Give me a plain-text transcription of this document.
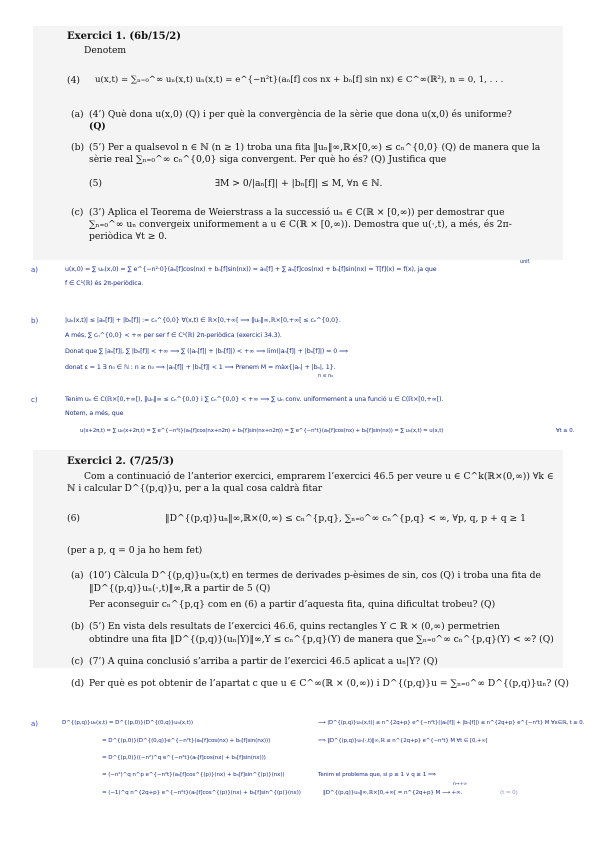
Exercici 1. (6b/15/2)
Denotem
(4) u(x,t) = ∑ₙ₌₀^∞ uₙ(x,t) uₙ(x,t) = e^{−n²t}(aₙ[f] cos nx + bₙ[f] sin nx) ∈ C^∞(ℝ²), n = 0, 1, . . .
(a) (4’) Què dona u(x,0) (Q) i per què la convergència de la sèrie que dona u(x,0) és uniforme?
(Q)
(b) (5’) Per a qualsevol n ∈ ℕ (n ≥ 1) troba una fita ‖uₙ‖∞,ℝ×[0,∞) ≤ cₙ^{0,0} (Q) de manera que la
sèrie real ∑ₙ₌₀^∞ cₙ^{0,0} siga convergent. Per què ho és? (Q) Justifica que
(5)	∃M > 0/|aₙ[f]| + |bₙ[f]| ≤ M, ∀n ∈ ℕ.
(c) (3’) Aplica el Teorema de Weierstrass a la successió uₙ ∈ C(ℝ × [0,∞)) per demostrar que
∑ₙ₌₀^∞ uₙ convergeix uniformement a u ∈ C(ℝ × [0,∞)). Demostra que u(·,t), a més, és 2π-
periòdica ∀t ≥ 0.
a)	u(x,0) = ∑ uₙ(x,0) = ∑ e^{−n²·0}(aₙ[f]cos(nx) + bₙ[f]sin(nx)) = a₀[f] + ∑ aₙ[f]cos(nx) + bₙ[f]sin(nx) = T[f](x) = f(x), ja que
unif.
f ∈ C¹(ℝ) és 2π-periòdica.
b)	|uₙ(x,t)| ≤ |aₙ[f]| + |bₙ[f]| := cₙ^{0,0} ∀(x,t) ∈ ℝ×[0,+∞[ ⟹ ‖uₙ‖∞,ℝ×[0,+∞[ ≤ cₙ^{0,0}.
A més, ∑ cₙ^{0,0} < +∞ per ser f ∈ C¹(ℝ) 2π-periòdica (exercici 34.3).
Donat que ∑ |aₙ[f]|, ∑ |bₙ[f]| < +∞ ⟹ ∑ (|aₙ[f]| + |bₙ[f]|) < +∞ ⟹ lim(|aₙ[f]| + |bₙ[f]|) = 0 ⟹
donat ε = 1 ∃ n₀ ∈ ℕ : n ≥ n₀ ⟹ |aₙ[f]| + |bₙ[f]| < 1 ⟹ Prenem M = màx{|aₙ| + |bₙ|, 1}.
n ≤ n₀
c)	Tenim uₙ ∈ C(ℝ×[0,+∞[), ‖uₙ‖∞ ≤ cₙ^{0,0} i ∑ cₙ^{0,0} < +∞ ⟹ ∑ uₙ conv. uniformement a una funció u ∈ C(ℝ×[0,+∞[).
Notem, a més, que
u(x+2π,t) = ∑ uₙ(x+2π,t) = ∑ e^{−n²t}(aₙ[f]cos(nx+n2π) + bₙ[f]sin(nx+n2π)) = ∑ e^{−n²t}(aₙ[f]cos(nx) + bₙ[f]sin(nx)) = ∑ uₙ(x,t) = u(x,t)	∀t ≥ 0.
Exercici 2. (7/25/3)
Com a continuació de l’anterior exercici, emprarem l’exercici 46.5 per veure u ∈ C^k(ℝ×(0,∞)) ∀k ∈
ℕ i calcular D^{(p,q)}u, per a la qual cosa caldrà fitar
(6)	‖D^{(p,q)}uₙ‖∞,ℝ×(0,∞) ≤ cₙ^{p,q}, ∑ₙ₌₀^∞ cₙ^{p,q} < ∞, ∀p, q, p + q ≥ 1
(per a p, q = 0 ja ho hem fet)
(a) (10’) Càlcula D^{(p,q)}uₙ(x,t) en termes de derivades p-èsimes de sin, cos (Q) i troba una fita de
‖D^{(p,q)}uₙ(·,t)‖∞,ℝ a partir de 5 (Q)
Per aconseguir cₙ^{p,q} com en (6) a partir d’aquesta fita, quina dificultat trobeu? (Q)
(b) (5’) En vista dels resultats de l’exercici 46.6, quins rectangles Υ ⊂ ℝ × (0,∞) permetrien
obtindre una fita ‖D^{(p,q)}(uₙ|Υ)‖∞,Υ ≤ cₙ^{p,q}(Υ) de manera que ∑ₙ₌₀^∞ cₙ^{p,q}(Υ) < ∞? (Q)
(c) (7’) A quina conclusió s’arriba a partir de l’exercici 46.5 aplicat a uₙ|Υ? (Q)
(d) Per què es pot obtenir de l’apartat c que u ∈ C^∞(ℝ × (0,∞)) i D^{(p,q)}u = ∑ₙ₌₀^∞ D^{(p,q)}uₙ? (Q)
a)	D^{(p,q)}uₙ(x,t) = D^{(p,0)}(D^{(0,q)}uₙ(x,t))
= D^{(p,0)}(D^{(0,q)}e^{−n²t}(aₙ[f]cos(nx) + bₙ[f]sin(nx)))
= D^{(p,0)}((−n²)^q e^{−n²t}(aₙ[f]cos(nx) + bₙ[f]sin(nx)))
= (−n²)^q n^p e^{−n²t}(aₙ[f]cos^{(p)}(nx) + bₙ[f]sin^{(p)}(nx))
= (−1)^q n^{2q+p} e^{−n²t}(aₙ[f]cos^{(p)}(nx) + bₙ[f]sin^{(p)}(nx))
⟶ |D^{(p,q)}uₙ(x,t)| ≤ n^{2q+p} e^{−n²t}(|aₙ[f]| + |bₙ[f]|) ≤ n^{2q+p} e^{−n²t} M ∀x∈ℝ, t ≥ 0.
⟹ ‖D^{(p,q)}uₙ(·,t)‖∞,ℝ ≤ n^{2q+p} e^{−n²t} M ∀t ∈ [0,+∞[
Tenim el problema que, si p ≥ 1 ∨ q ≥ 1 ⟹
‖D^{(p,q)}uₙ‖∞,ℝ×[0,+∞[ = n^{2q+p} M ⟶ +∞.
n→+∞
(t = 0)
